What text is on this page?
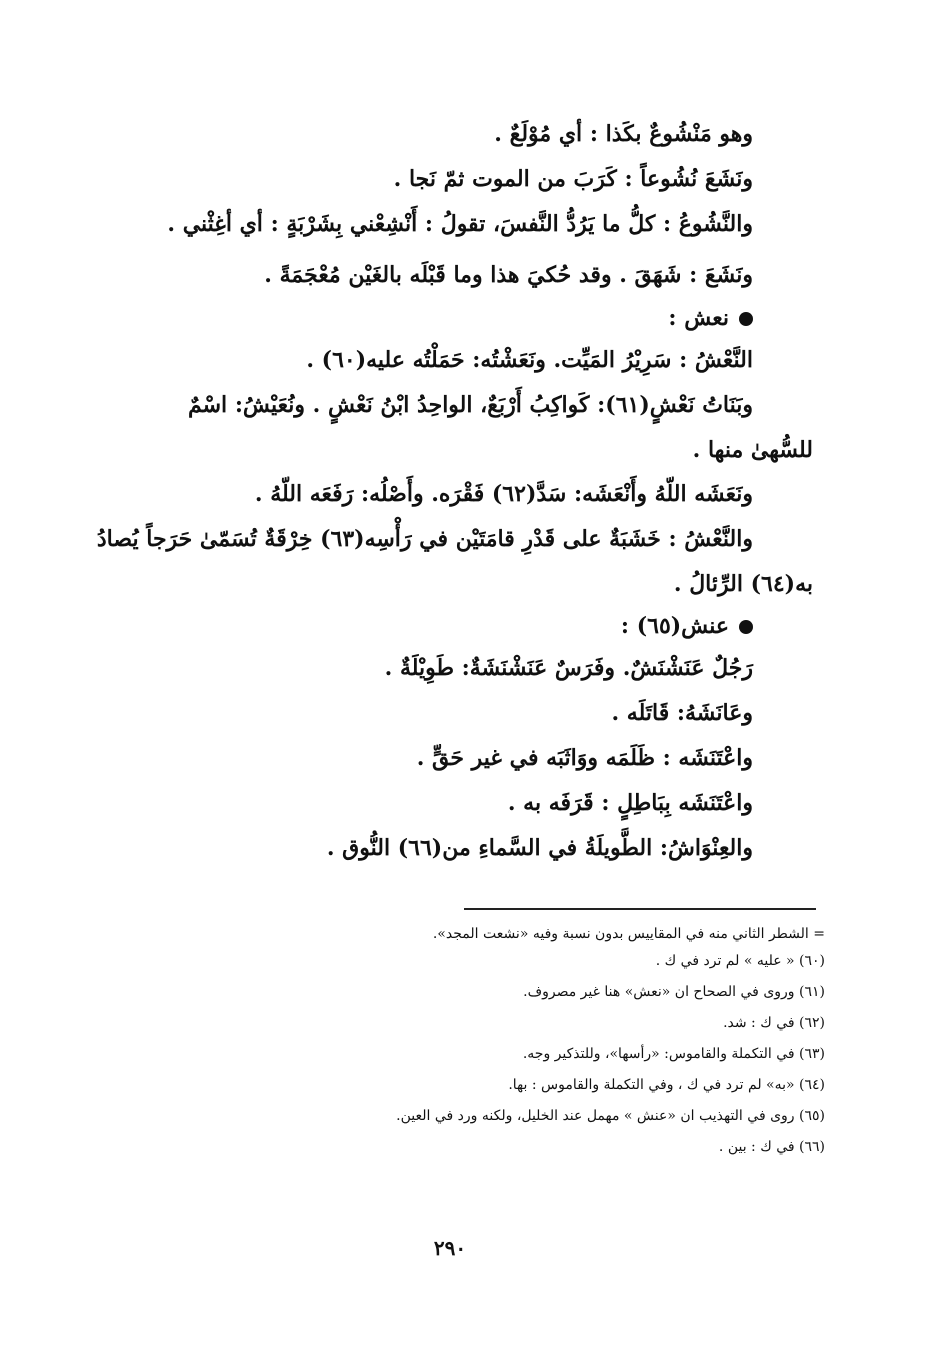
وهو مَنْشُوعٌ بكَذا : أي مُوْلَعٌ .
ونَشَعَ نُشُوعاً : كَرَبَ من الموت ثمّ نَجا .
والنَّشُوعُ : كلُّ ما يَرُدُّ النَّفسَ، تقولُ : أَنْشِعْني بِشَرْبَةٍ : أي أغِثْني .
ونَشَعَ : شَهَقَ . وقد حُكيَ هذا وما قَبْلَه بالغَيْن مُعْجَمَةً .
نعش :
النَّعْشُ : سَرِيْرُ المَيِّت. ونَعَشْتُه: حَمَلْتُه عليه(٦٠) .
وبَنَاتُ نَعْشٍ(٦١): كَواكِبُ أَرْبَعٌ، الواحِدُ ابْنُ نَعْشٍ . ونُعَيْشُ: اسْمٌ
للسُّهىٰ منها .
ونَعَشَه اللّهُ وأَنْعَشَه: سَدَّ(٦٢) فَقْرَه. وأَصْلُه: رَفَعَه اللّهُ .
والنَّعْشُ : خَشَبَةٌ على قَدْرِ قامَتَيْن في رَأْسِه(٦٣) خِرْقَةٌ تُسَمّىٰ حَرَجاً يُصادُ
به(٦٤) الرِّئالُ .
عنش(٦٥) :
رَجُلٌ عَنَشْنَشٌ. وفَرَسٌ عَنَشْنَشَةٌ: طَوِيْلَةٌ .
وعَانَشَهُ: قَاتَلَه .
واعْتَنَشَه : ظَلَمَه ووَاثَبَه في غير حَقٍّ .
واعْتَنَشَه بِبَاطِلٍ : قَرَفَه به .
والعِنْوَاشُ: الطَّويلَةُ في السَّماءِ من(٦٦) النُّوق .
= الشطر الثاني منه في المقاييس بدون نسبة وفيه «نشعت المجد».
(٦٠) « عليه » لم ترد في ك .
(٦١) وروى في الصحاح ان «نعش» هنا غير مصروف.
(٦٢) في ك : شد.
(٦٣) في التكملة والقاموس: «رأسها»، وللتذكير وجه.
(٦٤) «به» لم ترد في ك ، وفي التكملة والقاموس : بها.
(٦٥) روى في التهذيب ان «عنش » مهمل عند الخليل، ولكنه ورد في العين.
(٦٦) في ك : بين .
٢٩٠
